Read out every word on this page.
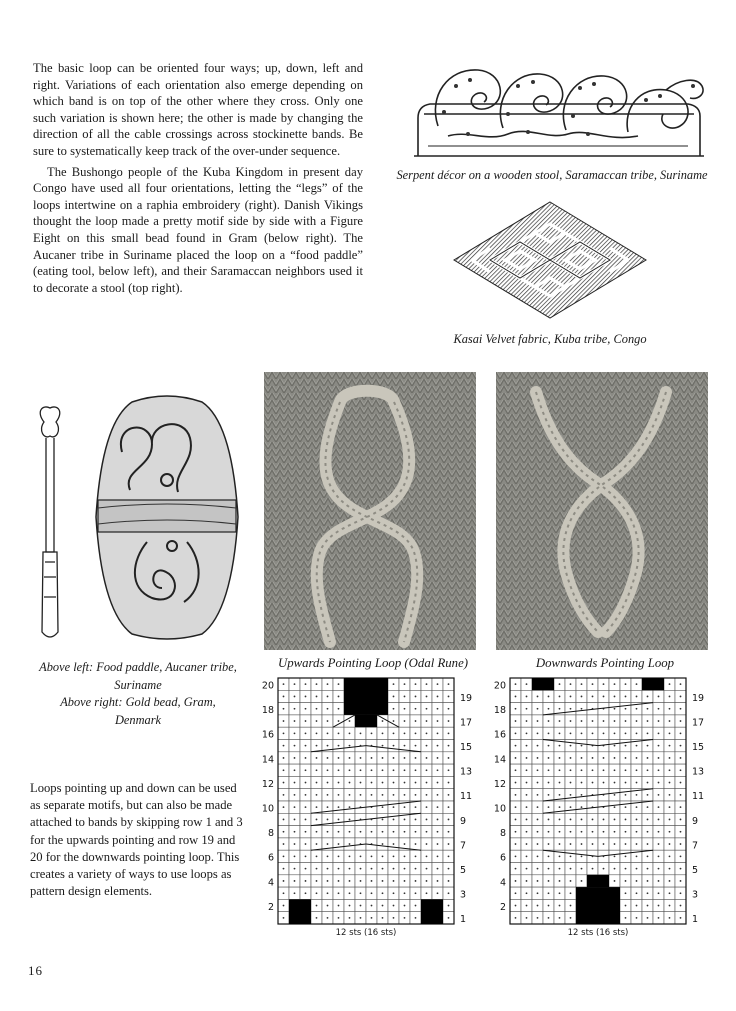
The basic loop can be oriented four ways; up, down, left and right. Variations of each orientation also emerge depending on which band is on top of the other where they cross. Only one such variation is shown here; the other is made by changing the direction of all the cable crossings across stockinette bands. Be sure to systematically keep track of the over-under sequence.

The Bushongo people of the Kuba Kingdom in present day Congo have used all four orientations, letting the “legs” of the loops intertwine on a raphia embroidery (right). Danish Vikings thought the loop made a pretty motif side by side with a Figure Eight on this small bead found in Gram (below right). The Aucaner tribe in Suriname placed the loop on a “food paddle” (eating tool, below left), and their Saramaccan neighbors used it to decorate a stool (top right).

Serpent décor on a wooden stool, Saramaccan tribe, Suriname
Kasai Velvet fabric, Kuba tribe, Congo
Above left: Food paddle, Aucaner tribe,
Suriname
Above right: Gold bead, Gram,
Denmark
Upwards Pointing Loop (Odal Rune)	Downwards Pointing Loop
20
18
16
14
12
10
8
6
4
2
19
17
15
13
11
9
7
5
3
1
12 sts (16 sts)
20
18
16
14
12
10
8
6
4
2
19
17
15
13
11
9
7
5
3
1
12 sts (16 sts)
Loops pointing up and down can be used as separate motifs, but can also be made attached to bands by skipping row 1 and 3 for the upwards pointing and row 19 and 20 for the downwards pointing loop. This creates a variety of ways to use loops as pattern design elements.
16
